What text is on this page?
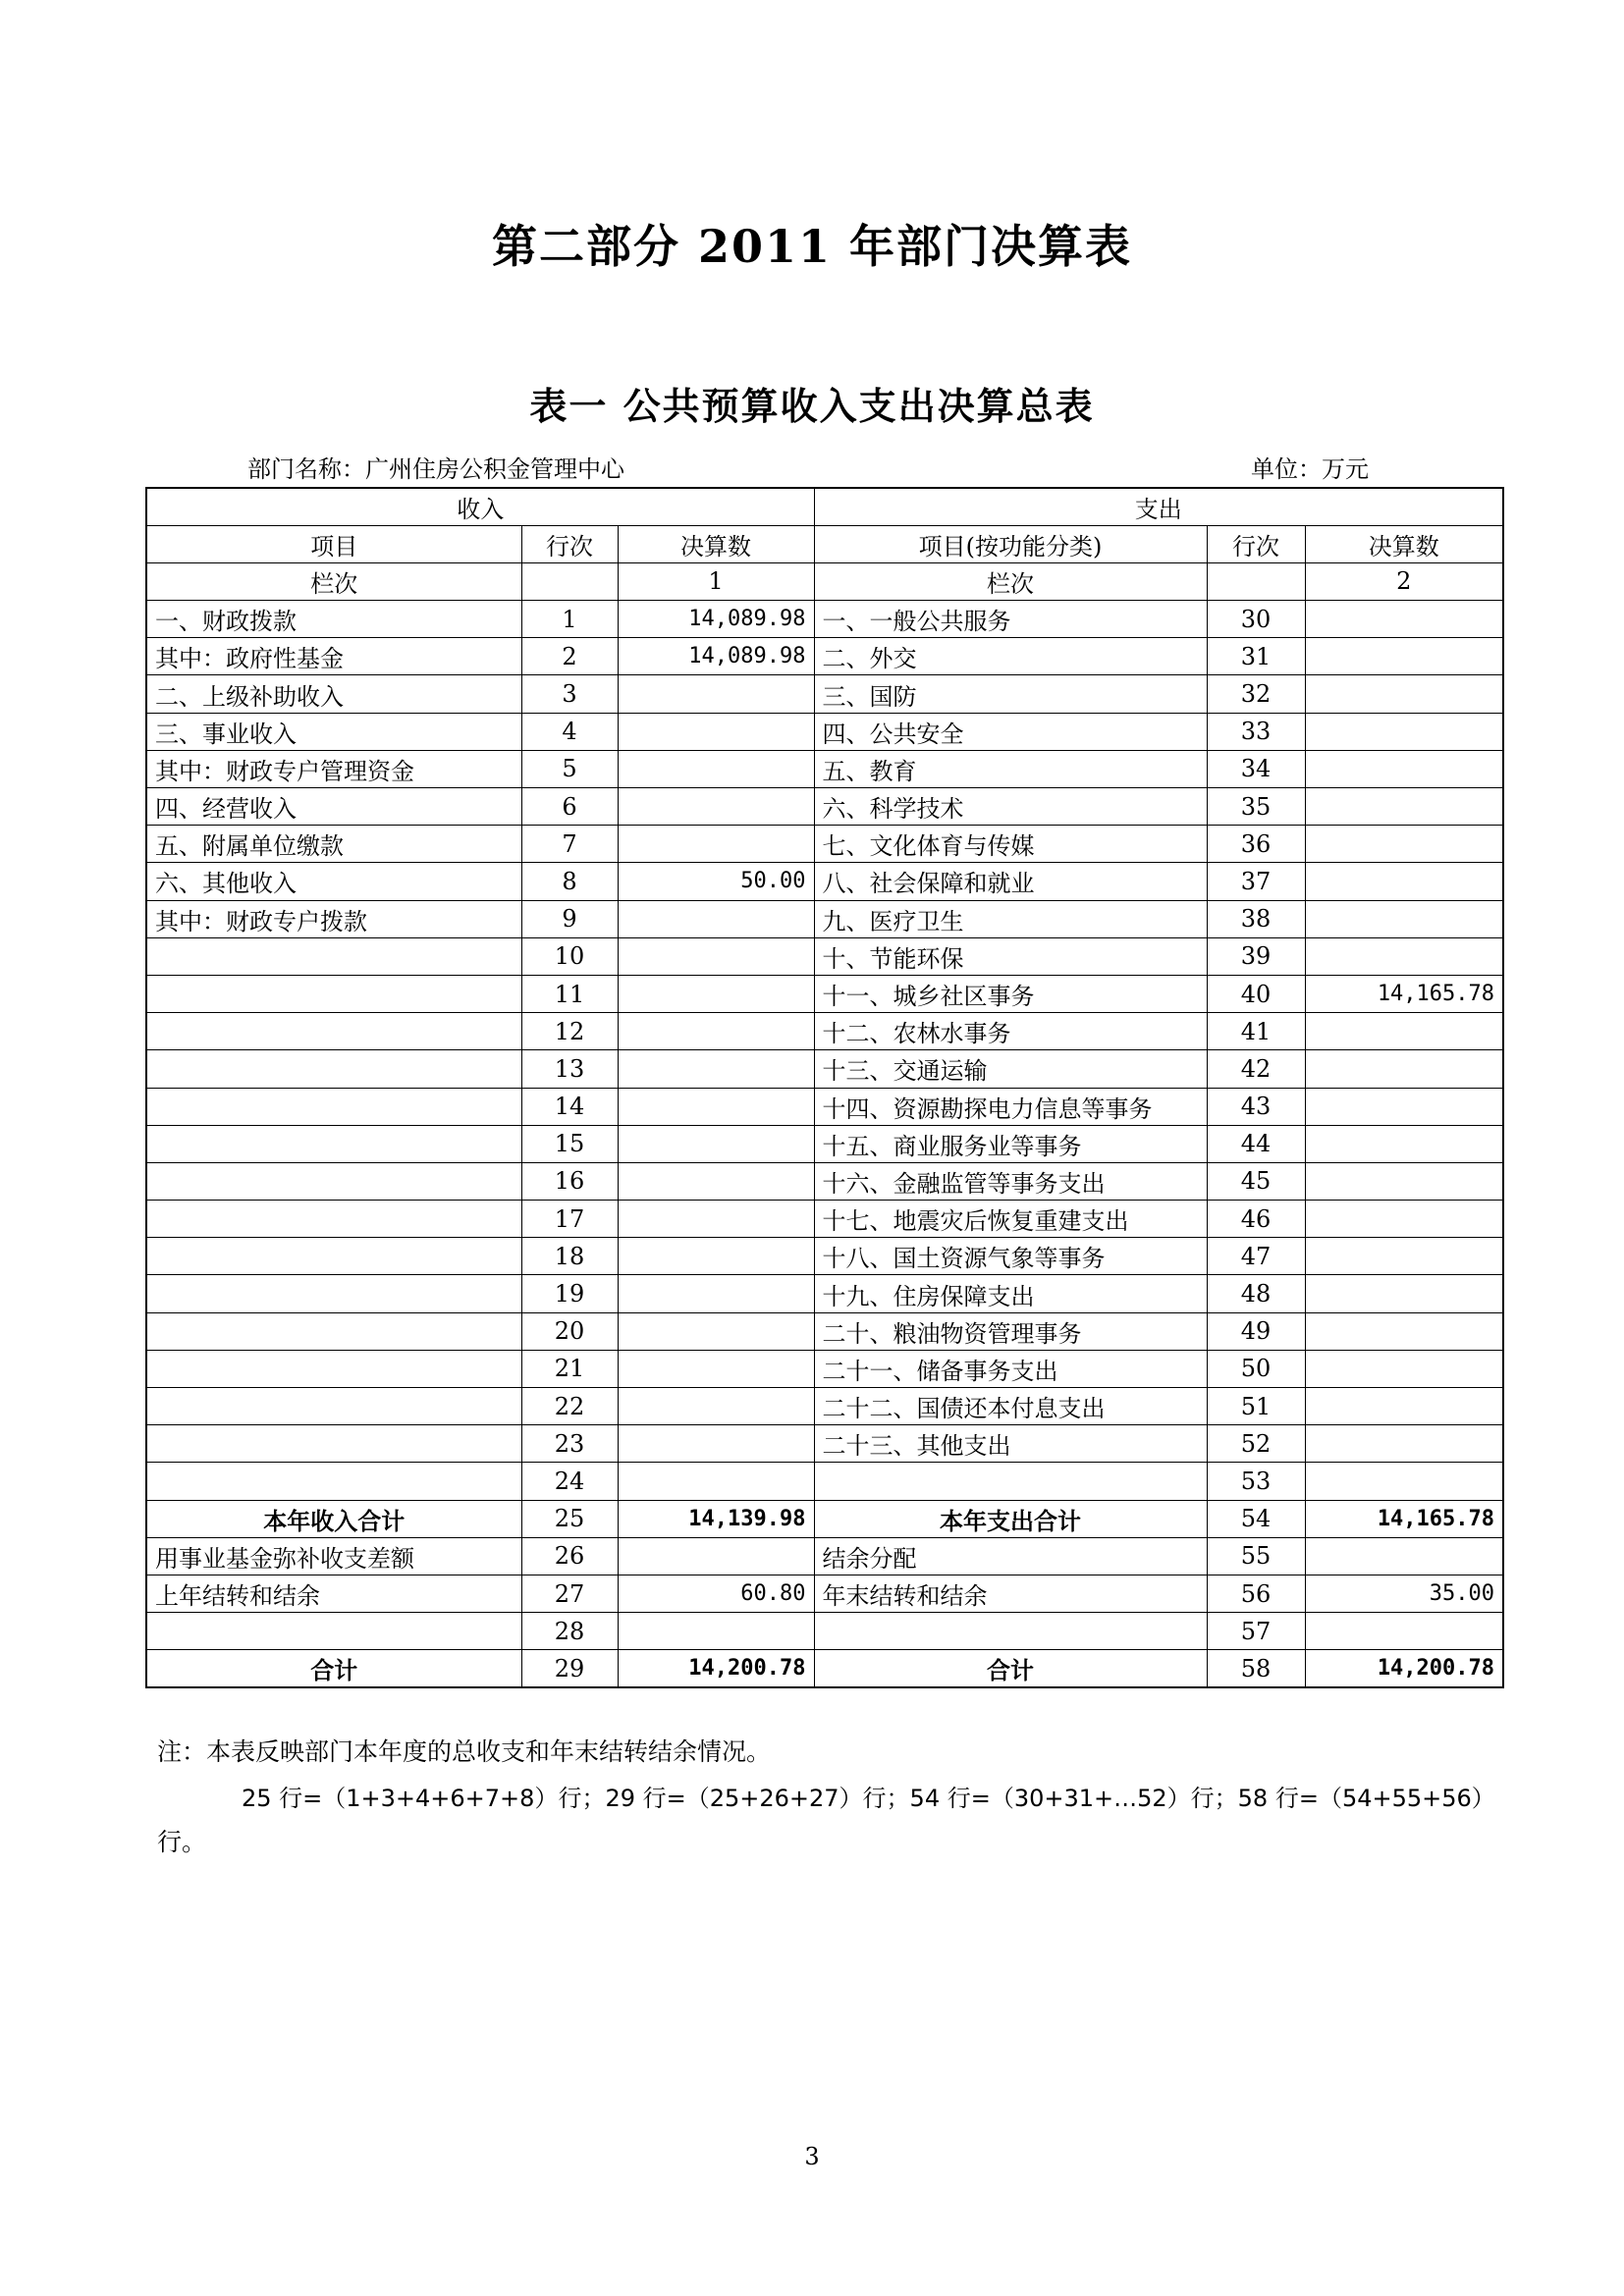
第二部分 2011 年部门决算表
表一 公共预算收入支出决算总表
部门名称：广州住房公积金管理中心	单位：万元
收入			支出		
项目	行次	决算数	项目(按功能分类)	行次	决算数
栏次		1	栏次		2
一、财政拨款	1	14,089.98	一、一般公共服务	30	
其中：政府性基金	2	14,089.98	二、外交	31	
二、上级补助收入	3		三、国防	32	
三、事业收入	4		四、公共安全	33	
其中：财政专户管理资金	5		五、教育	34	
四、经营收入	6		六、科学技术	35	
五、附属单位缴款	7		七、文化体育与传媒	36	
六、其他收入	8	50.00	八、社会保障和就业	37	
其中：财政专户拨款	9		九、医疗卫生	38	
	10		十、节能环保	39	
	11		十一、城乡社区事务	40	14,165.78
	12		十二、农林水事务	41	
	13		十三、交通运输	42	
	14		十四、资源勘探电力信息等事务	43	
	15		十五、商业服务业等事务	44	
	16		十六、金融监管等事务支出	45	
	17		十七、地震灾后恢复重建支出	46	
	18		十八、国土资源气象等事务	47	
	19		十九、住房保障支出	48	
	20		二十、粮油物资管理事务	49	
	21		二十一、储备事务支出	50	
	22		二十二、国债还本付息支出	51	
	23		二十三、其他支出	52	
	24			53	
本年收入合计	25	14,139.98	本年支出合计	54	14,165.78
用事业基金弥补收支差额	26		结余分配	55	
上年结转和结余	27	60.80	年末结转和结余	56	35.00
	28			57	
合计	29	14,200.78	合计	58	14,200.78
注：本表反映部门本年度的总收支和年末结转结余情况。
25 行=（1+3+4+6+7+8）行；29 行=（25+26+27）行；54 行=（30+31+…52）行；58 行=（54+55+56）
行。
3
